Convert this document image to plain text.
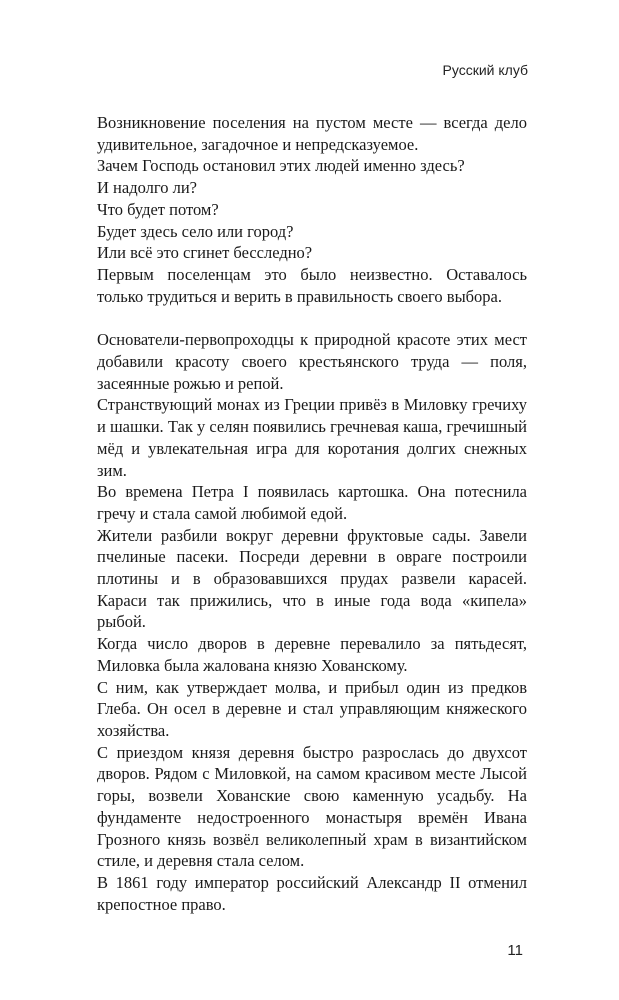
Русский клуб

Возникновение поселения на пустом месте — всегда дело удивительное, загадочное и непредсказуемое.

Зачем Господь остановил этих людей именно здесь?

И надолго ли?

Что будет потом?

Будет здесь село или город?

Или всё это сгинет бесследно?

Первым поселенцам это было неизвестно. Оставалось только трудиться и верить в правильность своего выбора.

Основатели-первопроходцы к природной красоте этих мест добавили красоту своего крестьянского труда — поля, засеянные рожью и репой.

Странствующий монах из Греции привёз в Миловку гречиху и шашки. Так у селян появились гречневая каша, гречишный мёд и увлекательная игра для коротания долгих снежных зим.

Во времена Петра I появилась картошка. Она потеснила гречу и стала самой любимой едой.

Жители разбили вокруг деревни фруктовые сады. Завели пчелиные пасеки. Посреди деревни в овраге построили плотины и в образовавшихся прудах развели карасей. Караси так прижились, что в иные года вода «кипела» рыбой.

Когда число дворов в деревне перевалило за пятьдесят, Миловка была жалована князю Хованскому.

С ним, как утверждает молва, и прибыл один из предков Глеба. Он осел в деревне и стал управляющим княжеского хозяйства.

С приездом князя деревня быстро разрослась до двухсот дворов. Рядом с Миловкой, на самом красивом месте Лысой горы, возвели Хованские свою каменную усадьбу. На фундаменте недостроенного монастыря времён Ивана Грозного князь возвёл великолепный храм в византийском стиле, и деревня стала селом.

В 1861 году император российский Александр II отменил крепостное право.

11
